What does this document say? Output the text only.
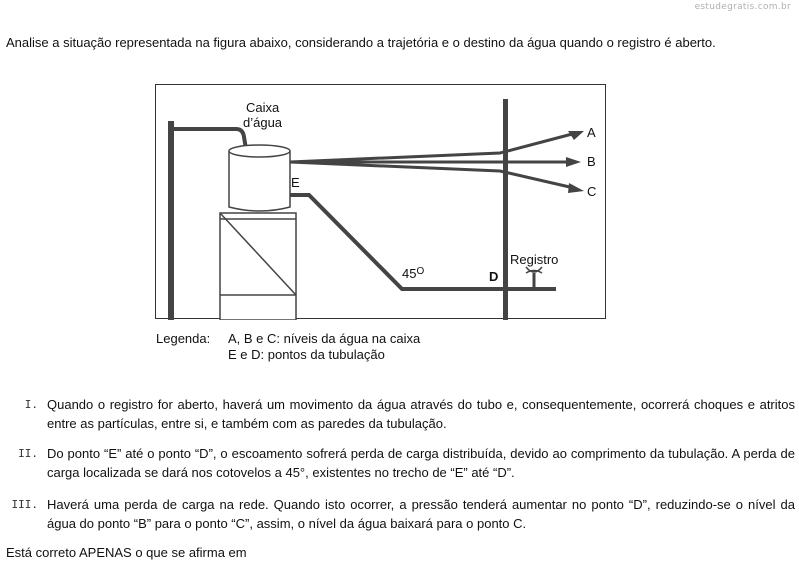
estudegratis.com.br
Analise a situação representada na figura abaixo, considerando a trajetória e o destino da água quando o registro é aberto.
Caixa
d’água
A
B
C
E
$45^O$	D
Registro
Legenda: A, B e C: níveis da água na caixa
E e D: pontos da tubulação
I. Quando o registro for aberto, haverá um movimento da água através do tubo e, consequentemente, ocorrerá choques e atritos entre as partículas, entre si, e também com as paredes da tubulação.
II. Do ponto “E” até o ponto “D”, o escoamento sofrerá perda de carga distribuída, devido ao comprimento da tubulação. A perda de carga localizada se dará nos cotovelos a 45°, existentes no trecho de “E” até “D”.
III. Haverá uma perda de carga na rede. Quando isto ocorrer, a pressão tenderá aumentar no ponto “D”, reduzindo-se o nível da água do ponto “B” para o ponto “C”, assim, o nível da água baixará para o ponto C.
Está correto APENAS o que se afirma em
